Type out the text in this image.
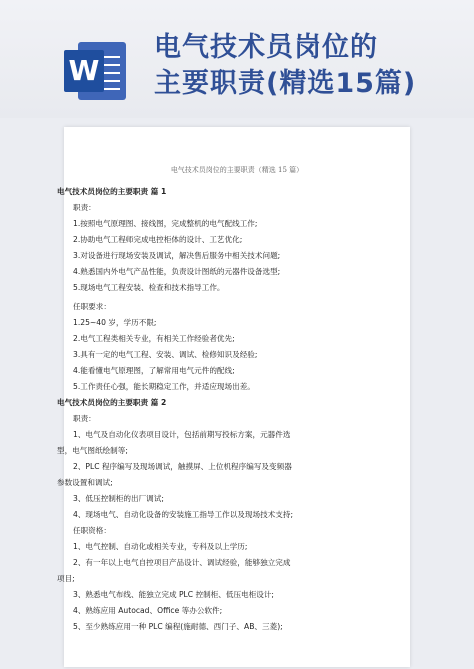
W
电气技术员岗位的
主要职责(精选15篇)
电气技术员岗位的主要职责（精选 15 篇）
电气技术员岗位的主要职责 篇 1
职责：
1.按照电气原理图、接线图，完成整机的电气配线工作;
2.协助电气工程师完成电控柜体的设计、工艺优化;
3.对设备进行现场安装及调试，解决售后服务中相关技术问题;
4.熟悉国内外电气产品性能，负责设计图纸的元器件设备选型;
5.现场电气工程安装、检查和技术指导工作。
任职要求：
1.25~40 岁，学历不限;
2.电气工程类相关专业，有相关工作经验者优先;
3.具有一定的电气工程、安装、调试、检修知识及经验;
4.能看懂电气原理图，了解常用电气元件的配线;
5.工作责任心强，能长期稳定工作，并适应现场出差。
电气技术员岗位的主要职责 篇 2
职责：
1、电气及自动化仪表项目设计，包括前期写投标方案，元器件选
型，电气图纸绘制等;
2、PLC 程序编写及现场调试，触摸屏、上位机程序编写及变频器
参数设置和调试;
3、低压控制柜的出厂调试;
4、现场电气、自动化设备的安装施工指导工作以及现场技术支持;
任职资格：
1、电气控制、自动化或相关专业，专科及以上学历;
2、有一年以上电气自控项目产品设计、调试经验，能够独立完成
项目;
3、熟悉电气布线、能独立完成 PLC 控制柜、低压电柜设计;
4、熟练应用 Autocad、Office 等办公软件;
5、至少熟练应用一种 PLC 编程(施耐德、西门子、AB、三菱);
